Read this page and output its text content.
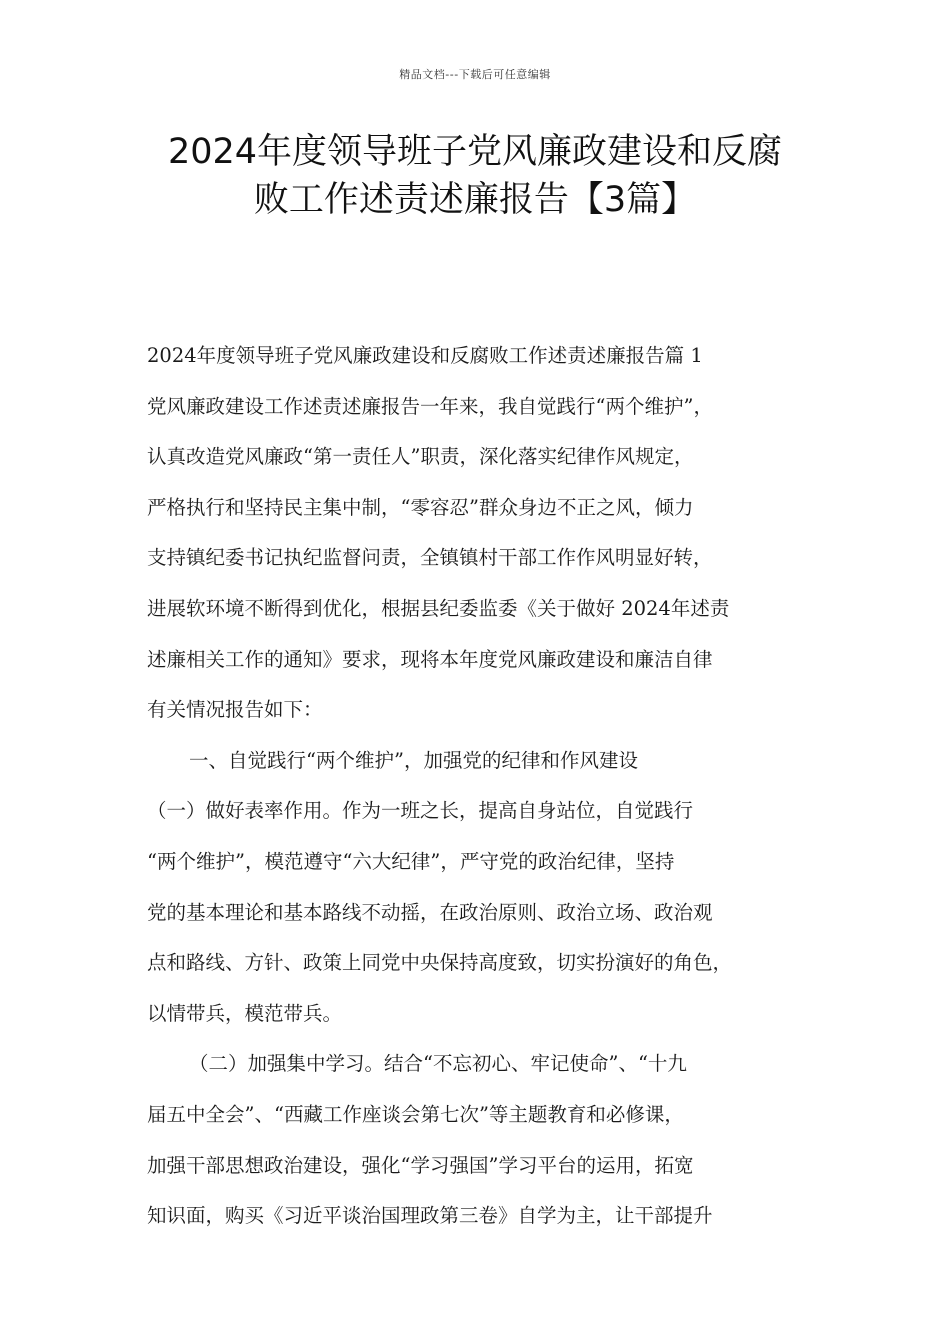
精品文档---下载后可任意编辑
2024年度领导班子党风廉政建设和反腐
败工作述责述廉报告【3篇】
2024年度领导班子党风廉政建设和反腐败工作述责述廉报告篇 1
党风廉政建设工作述责述廉报告一年来，我自觉践行“两个维护”，
认真改造党风廉政“第一责任人”职责，深化落实纪律作风规定，
严格执行和坚持民主集中制，“零容忍”群众身边不正之风，倾力
支持镇纪委书记执纪监督问责，全镇镇村干部工作作风明显好转，
进展软环境不断得到优化，根据县纪委监委《关于做好 2024年述责
述廉相关工作的通知》要求，现将本年度党风廉政建设和廉洁自律
有关情况报告如下：
一、自觉践行“两个维护”，加强党的纪律和作风建设
（一）做好表率作用。作为一班之长，提高自身站位，自觉践行
“两个维护”，模范遵守“六大纪律”，严守党的政治纪律，坚持
党的基本理论和基本路线不动摇，在政治原则、政治立场、政治观
点和路线、方针、政策上同党中央保持高度致，切实扮演好的角色，
以情带兵，模范带兵。
（二）加强集中学习。结合“不忘初心、牢记使命”、“十九
届五中全会”、“西藏工作座谈会第七次”等主题教育和必修课，
加强干部思想政治建设，强化“学习强国”学习平台的运用，拓宽
知识面，购买《习近平谈治国理政第三卷》自学为主，让干部提升
